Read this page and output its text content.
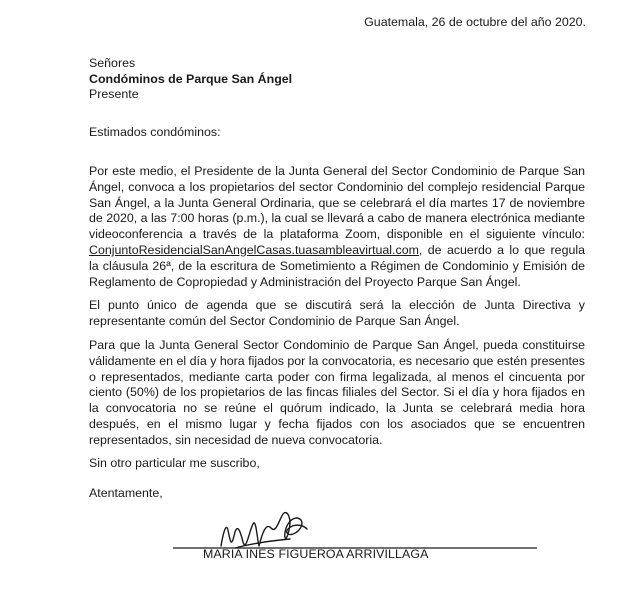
Guatemala, 26 de octubre del año 2020.
Señores
Condóminos de Parque San Ángel
Presente
Estimados condóminos:
Por este medio, el Presidente de la Junta General del Sector Condominio de Parque San Ángel, convoca a los propietarios del sector Condominio del complejo residencial Parque San Ángel, a la Junta General Ordinaria, que se celebrará el día martes 17 de noviembre de 2020, a las 7:00 horas (p.m.), la cual se llevará a cabo de manera electrónica mediante videoconferencia a través de la plataforma Zoom, disponible en el siguiente vínculo: ConjuntoResidencialSanAngelCasas.tuasambleavirtual.com, de acuerdo a lo que regula la cláusula 26ª, de la escritura de Sometimiento a Régimen de Condominio y Emisión de Reglamento de Copropiedad y Administración del Proyecto Parque San Ángel.
El punto único de agenda que se discutirá será la elección de Junta Directiva y representante común del Sector Condominio de Parque San Ángel.
Para que la Junta General Sector Condominio de Parque San Ángel, pueda constituirse válidamente en el día y hora fijados por la convocatoria, es necesario que estén presentes o representados, mediante carta poder con firma legalizada, al menos el cincuenta por ciento (50%) de los propietarios de las fincas filiales del Sector. Si el día y hora fijados en la convocatoria no se reúne el quórum indicado, la Junta se celebrará media hora después, en el mismo lugar y fecha fijados con los asociados que se encuentren representados, sin necesidad de nueva convocatoria.
Sin otro particular me suscribo,
Atentamente,
MARIA INES FIGUEROA ARRIVILLAGA
